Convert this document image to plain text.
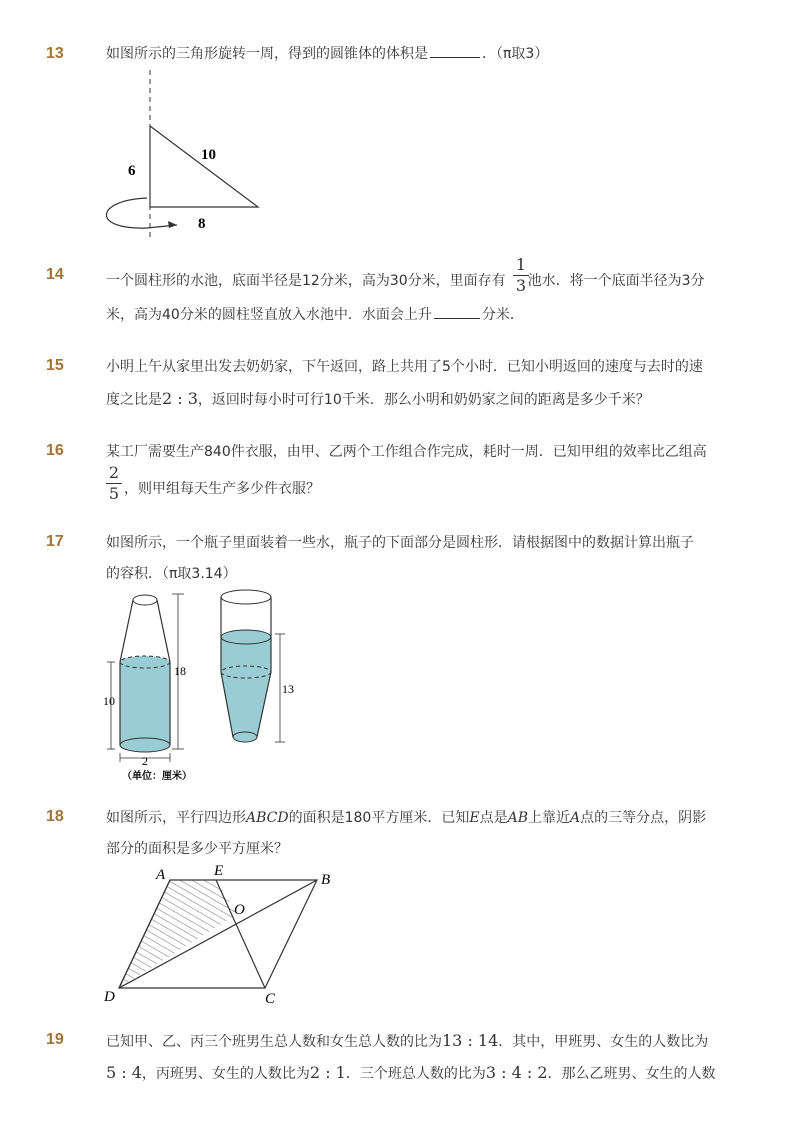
13	如图所示的三角形旋转一周，得到的圆锥体的体积是	．（π取3）
6
10
8
14	一个圆柱形的水池，底面半径是12分米，高为30分米，里面存有 池水．将一个底面半径为3分
1
3
米，高为40分米的圆柱竖直放入水池中．水面会上升	分米．
15	小明上午从家里出发去奶奶家，下午返回，路上共用了5个小时．已知小明返回的速度与去时的速
度之比是2 : 3，返回时每小时可行10千米．那么小明和奶奶家之间的距离是多少千米？
16	某工厂需要生产840件衣服，由甲、乙两个工作组合作完成，耗时一周．已知甲组的效率比乙组高
2
5 ，则甲组每天生产多少件衣服？
17	如图所示，一个瓶子里面装着一些水，瓶子的下面部分是圆柱形．请根据图中的数据计算出瓶子
的容积．（π取3.14）
18
10
2
13
（单位：厘米）
18	如图所示，平行四边形ABCD的面积是180平方厘米．已知E点是AB上靠近A点的三等分点，阴影
部分的面积是多少平方厘米？
A	E
B
O
D	C
19	已知甲、乙、丙三个班男生总人数和女生总人数的比为13 : 14．其中，甲班男、女生的人数比为
5 : 4，丙班男、女生的人数比为2 : 1．三个班总人数的比为3 : 4 : 2．那么乙班男、女生的人数
